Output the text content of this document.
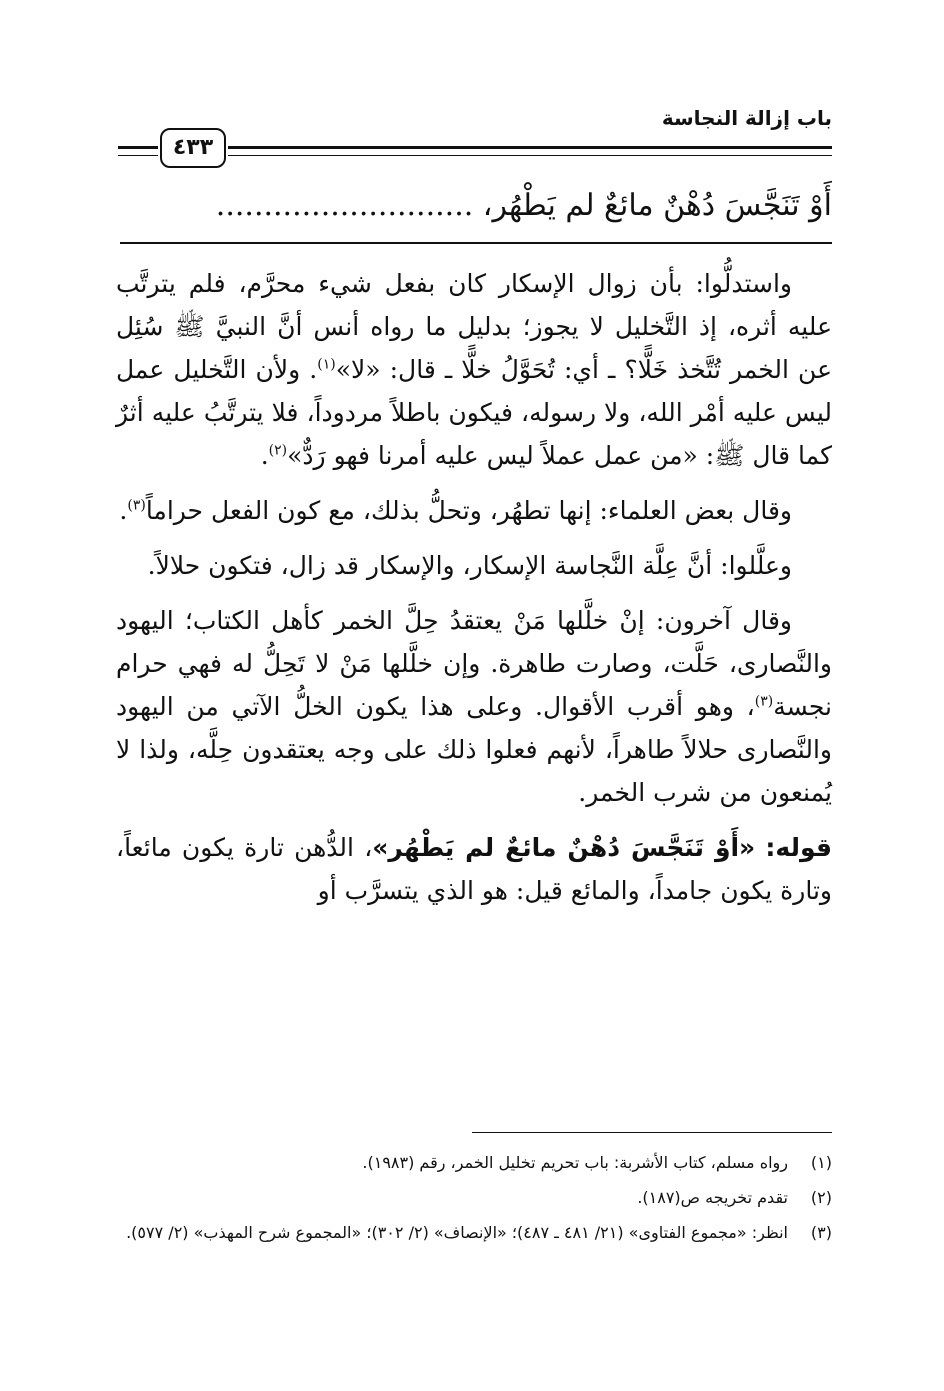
باب إزالة النجاسة
٤٣٣
أَوْ تَنَجَّسَ دُهْنٌ مائعٌ لم يَطْهُر، ...........................

واستدلُّوا: بأن زوال الإسكار كان بفعل شيء محرَّم، فلم يترتَّب عليه أثره، إذ التَّخليل لا يجوز؛ بدليل ما رواه أنس أنَّ النبيَّ ﷺ سُئِل عن الخمر تُتَّخذ خَلًّا؟ ـ أي: تُحَوَّلُ خلًّا ـ قال: «لا»$^{(١)}$. ولأن التَّخليل عمل ليس عليه أمْر الله، ولا رسوله، فيكون باطلاً مردوداً، فلا يترتَّبُ عليه أثرٌ كما قال ﷺ: «من عمل عملاً ليس عليه أمرنا فهو رَدٌّ»$^{(٢)}$.

وقال بعض العلماء: إنها تطهُر، وتحلُّ بذلك، مع كون الفعل حراماً$^{(٣)}$.

وعلَّلوا: أنَّ عِلَّة النَّجاسة الإسكار، والإسكار قد زال، فتكون حلالاً.

وقال آخرون: إنْ خلَّلها مَنْ يعتقدُ حِلَّ الخمر كأهل الكتاب؛ اليهود والنَّصارى، حَلَّت، وصارت طاهرة. وإن خلَّلها مَنْ لا تَحِلُّ له فهي حرام نجسة$^{(٣)}$، وهو أقرب الأقوال. وعلى هذا يكون الخلُّ الآتي من اليهود والنَّصارى حلالاً طاهراً، لأنهم فعلوا ذلك على وجه يعتقدون حِلَّه، ولذا لا يُمنعون من شرب الخمر.

قوله: «أَوْ تَنَجَّسَ دُهْنٌ مائعٌ لم يَطْهُر»، الدُّهن تارة يكون مائعاً، وتارة يكون جامداً، والمائع قيل: هو الذي يتسرَّب أو

(١)
رواه مسلم، كتاب الأشربة: باب تحريم تخليل الخمر، رقم (١٩٨٣).
(٢)
تقدم تخريجه ص(١٨٧).
(٣)
انظر: «مجموع الفتاوى» (٢١/ ٤٨١ ـ ٤٨٧)؛ «الإنصاف» (٢/ ٣٠٢)؛ «المجموع شرح المهذب» (٢/ ٥٧٧).
